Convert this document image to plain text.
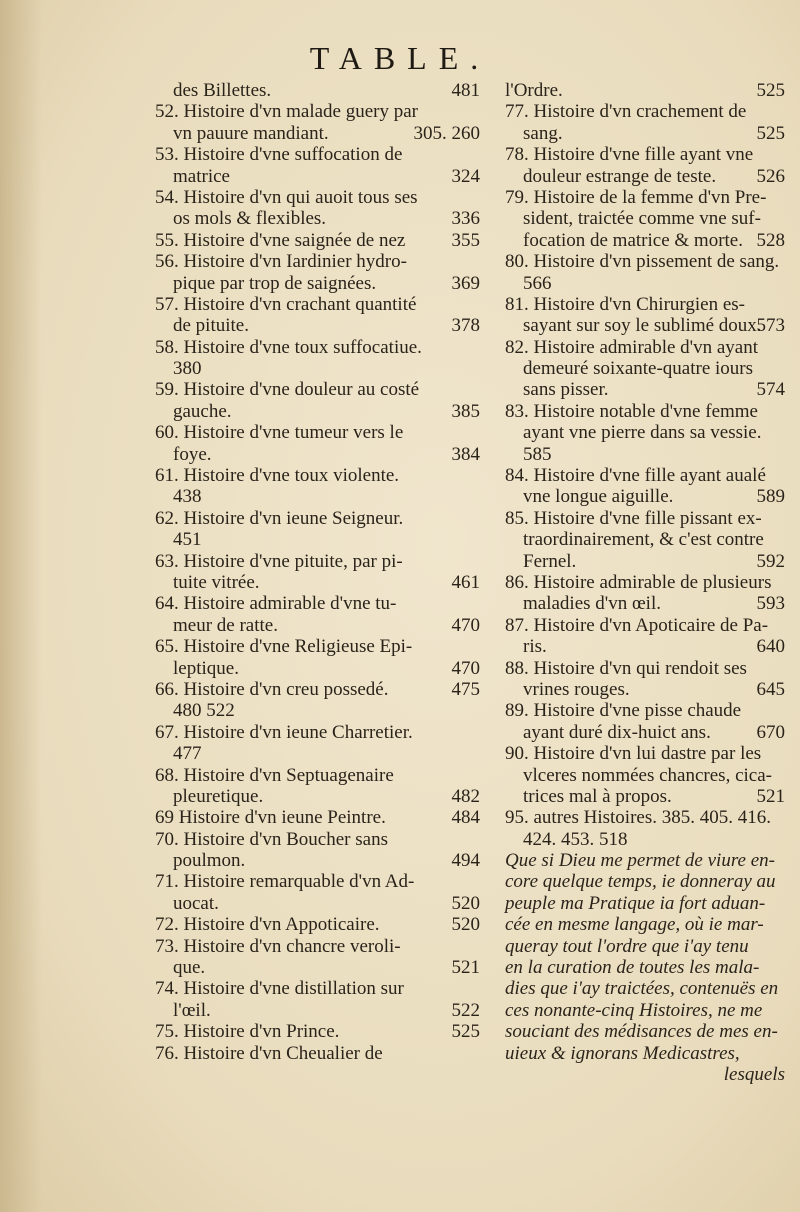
TABLE.
des Billettes.	481
52. Histoire d'vn malade guery par
vn pauure mandiant.	305. 260
53. Histoire d'vne suffocation de
matrice	324
54. Histoire d'vn qui auoit tous ses
os mols & flexibles.	336
55. Histoire d'vne saignée de nez 355
56. Histoire d'vn Iardinier hydro-
pique par trop de saignées.	369
57. Histoire d'vn crachant quantité
de pituite.	378
58. Histoire d'vne toux suffocatiue.
380
59. Histoire d'vne douleur au costé
gauche.	385
60. Histoire d'vne tumeur vers le
foye.	384
61. Histoire d'vne toux violente.
438
62. Histoire d'vn ieune Seigneur.
451
63. Histoire d'vne pituite, par pi-
tuite vitrée.	461
64. Histoire admirable d'vne tu-
meur de ratte.	470
65. Histoire d'vne Religieuse Epi-
leptique.	470
66. Histoire d'vn creu possedé.	475
480 522
67. Histoire d'vn ieune Charretier.
477
68. Histoire d'vn Septuagenaire
pleuretique.	482
69 Histoire d'vn ieune Peintre.	484
70. Histoire d'vn Boucher sans
poulmon.	494
71. Histoire remarquable d'vn Ad-
uocat.	520
72. Histoire d'vn Appoticaire.	520
73. Histoire d'vn chancre veroli-
que.	521
74. Histoire d'vne distillation sur
l'œil.	522
75. Histoire d'vn Prince.	525
76. Histoire d'vn Cheualier de
l'Ordre.	525
77. Histoire d'vn crachement de
sang.	525
78. Histoire d'vne fille ayant vne
douleur estrange de teste. 526
79. Histoire de la femme d'vn Pre-
sident, traictée comme vne suf-
focation de matrice & morte. 528
80. Histoire d'vn pissement de sang.
566
81. Histoire d'vn Chirurgien es-
sayant sur soy le sublimé doux.
573
82. Histoire admirable d'vn ayant
demeuré soixante-quatre iours
sans pisser.	574
83. Histoire notable d'vne femme
ayant vne pierre dans sa vessie.
585
84. Histoire d'vne fille ayant aualé
vne longue aiguille.	589
85. Histoire d'vne fille pissant ex-
traordinairement, & c'est contre
Fernel.	592
86. Histoire admirable de plusieurs
maladies d'vn œil.	593
87. Histoire d'vn Apoticaire de Pa-
ris.	640
88. Histoire d'vn qui rendoit ses
vrines rouges.	645
89. Histoire d'vne pisse chaude
ayant duré dix-huict ans. 670
90. Histoire d'vn lui dastre par les
vlceres nommées chancres, cica-
trices mal à propos.	521
95. autres Histoires. 385. 405. 416.
424. 453. 518
Que si Dieu me permet de viure en-
core quelque temps, ie donneray au
peuple ma Pratique ia fort aduan-
cée en mesme langage, où ie mar-
queray tout l'ordre que i'ay tenu
en la curation de toutes les mala-
dies que i'ay traictées, contenuës en
ces nonante-cinq Histoires, ne me
souciant des médisances de mes en-
uieux & ignorans Medicastres,
lesquels
